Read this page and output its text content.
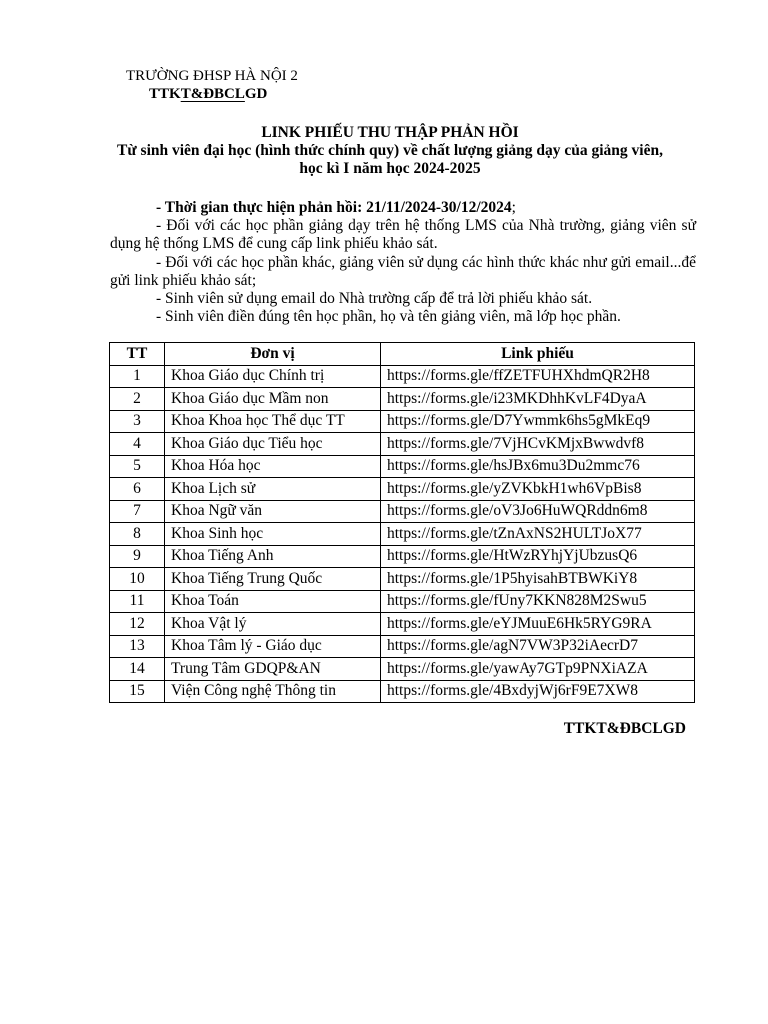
TRƯỜNG ĐHSP HÀ NỘI 2
TTKT&ĐBCLGD
LINK PHIẾU THU THẬP PHẢN HỒI
Từ sinh viên đại học (hình thức chính quy) về chất lượng giảng dạy của giảng viên,
học kì I năm học 2024-2025

- Thời gian thực hiện phản hồi: 21/11/2024-30/12/2024;

- Đối với các học phần giảng dạy trên hệ thống LMS của Nhà trường, giảng viên sử dụng hệ thống LMS để cung cấp link phiếu khảo sát.

- Đối với các học phần khác, giảng viên sử dụng các hình thức khác như gửi email...để gửi link phiếu khảo sát;

- Sinh viên sử dụng email do Nhà trường cấp để trả lời phiếu khảo sát.

- Sinh viên điền đúng tên học phần, họ và tên giảng viên, mã lớp học phần.

TT	Đơn vị	Link phiếu
1	Khoa Giáo dục Chính trị	https://forms.gle/ffZETFUHXhdmQR2H8
2	Khoa Giáo dục Mầm non	https://forms.gle/i23MKDhhKvLF4DyaA
3	Khoa Khoa học Thể dục TT	https://forms.gle/D7Ywmmk6hs5gMkEq9
4	Khoa Giáo dục Tiểu học	https://forms.gle/7VjHCvKMjxBwwdvf8
5	Khoa Hóa học	https://forms.gle/hsJBx6mu3Du2mmc76
6	Khoa Lịch sử	https://forms.gle/yZVKbkH1wh6VpBis8
7	Khoa Ngữ văn	https://forms.gle/oV3Jo6HuWQRddn6m8
8	Khoa Sinh học	https://forms.gle/tZnAxNS2HULTJoX77
9	Khoa Tiếng Anh	https://forms.gle/HtWzRYhjYjUbzusQ6
10	Khoa Tiếng Trung Quốc	https://forms.gle/1P5hyisahBTBWKiY8
11	Khoa Toán	https://forms.gle/fUny7KKN828M2Swu5
12	Khoa Vật lý	https://forms.gle/eYJMuuE6Hk5RYG9RA
13	Khoa Tâm lý - Giáo dục	https://forms.gle/agN7VW3P32iAecrD7
14	Trung Tâm GDQP&AN	https://forms.gle/yawAy7GTp9PNXiAZA
15	Viện Công nghệ Thông tin	https://forms.gle/4BxdyjWj6rF9E7XW8
TTKT&ĐBCLGD
